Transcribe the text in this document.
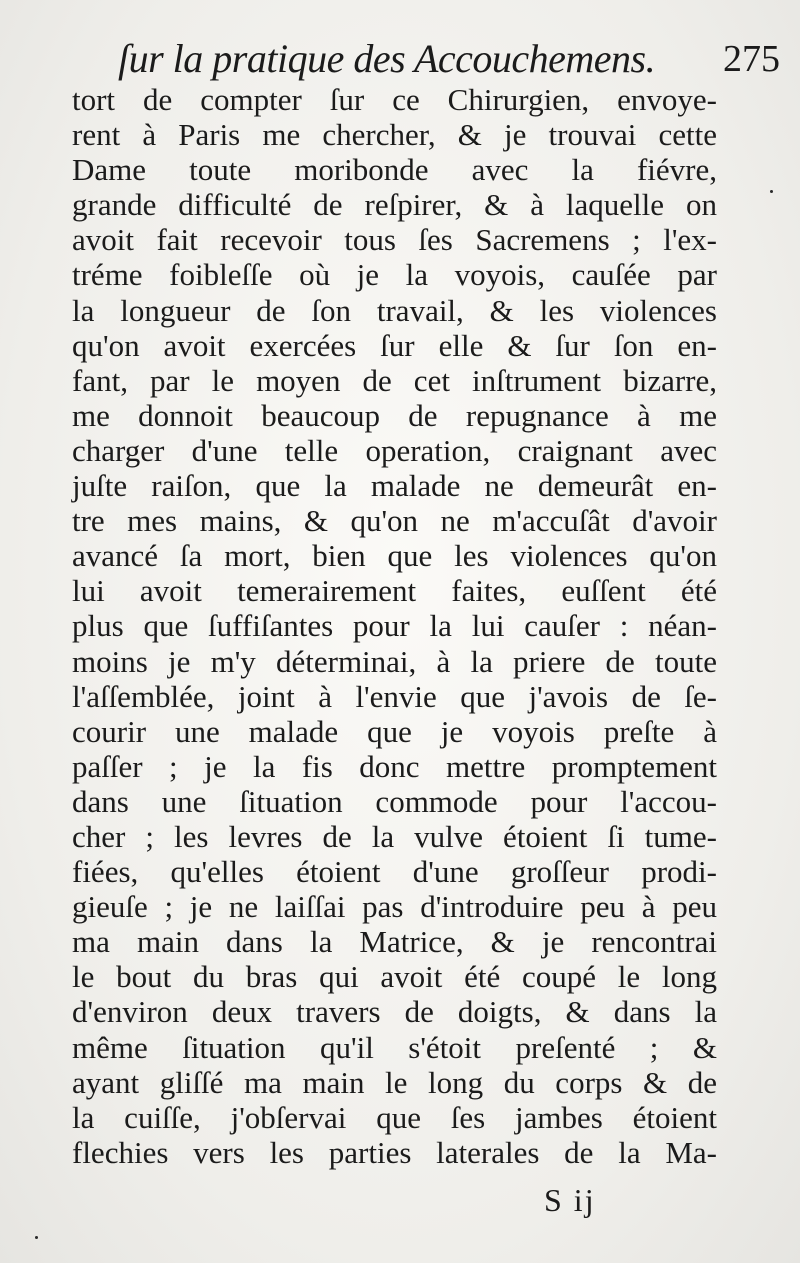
ſur la pratique des Accouchemens. 275
tort de compter ſur ce Chirurgien, envoye-
rent à Paris me chercher, & je trouvai cette
Dame toute moribonde avec la fiévre,
grande difficulté de reſpirer, & à laquelle on
avoit fait recevoir tous ſes Sacremens ; l'ex-
tréme foibleſſe où je la voyois, cauſée par
la longueur de ſon travail, & les violences
qu'on avoit exercées ſur elle & ſur ſon en-
fant, par le moyen de cet inſtrument bizarre,
me donnoit beaucoup de repugnance à me
charger d'une telle operation, craignant avec
juſte raiſon, que la malade ne demeurât en-
tre mes mains, & qu'on ne m'accuſât d'avoir
avancé ſa mort, bien que les violences qu'on
lui avoit temerairement faites, euſſent été
plus que ſuffiſantes pour la lui cauſer : néan-
moins je m'y déterminai, à la priere de toute
l'aſſemblée, joint à l'envie que j'avois de ſe-
courir une malade que je voyois preſte à
paſſer ; je la fis donc mettre promptement
dans une ſituation commode pour l'accou-
cher ; les levres de la vulve étoient ſi tume-
fiées, qu'elles étoient d'une groſſeur prodi-
gieuſe ; je ne laiſſai pas d'introduire peu à peu
ma main dans la Matrice, & je rencontrai
le bout du bras qui avoit été coupé le long
d'environ deux travers de doigts, & dans la
même ſituation qu'il s'étoit preſenté ; &
ayant gliſſé ma main le long du corps & de
la cuiſſe, j'obſervai que ſes jambes étoient
flechies vers les parties laterales de la Ma-
S ij
